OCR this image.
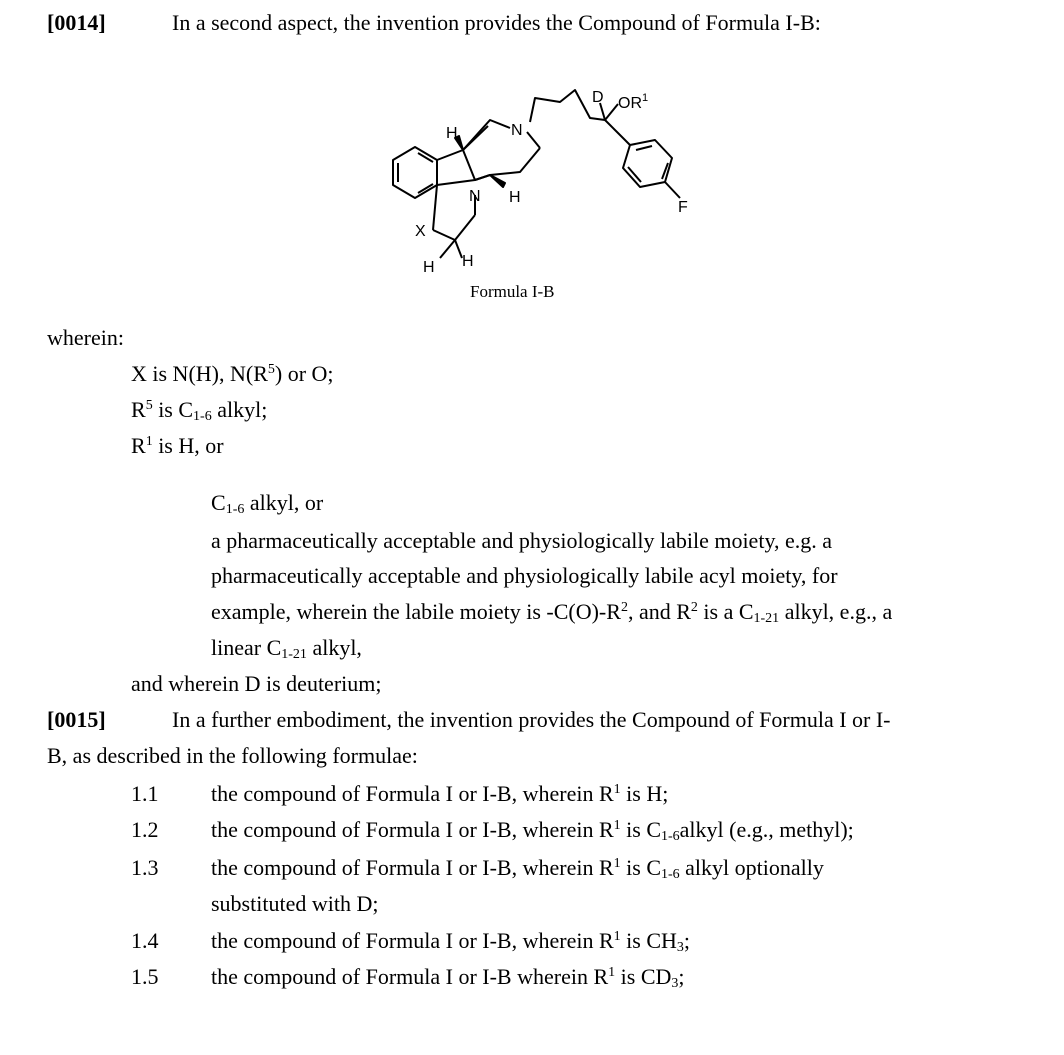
[0014]	In a second aspect, the invention provides the Compound of Formula I-B:
D $OR^1$
N
N
H
H
X
H H
F
Formula I-B
wherein:
X is N(H), $N(R^5)$ or O;
$R^5$ is $C_{1-6}$ alkyl;
$R^1$ is H, or
$C_{1-6}$ alkyl, or
a pharmaceutically acceptable and physiologically labile moiety, e.g. a
pharmaceutically acceptable and physiologically labile acyl moiety, for
example, wherein the labile moiety is $-C(O)-R^2$, and $R^2$ is a $C_{1-21}$ alkyl, e.g., a
linear $C_{1-21}$ alkyl,
and wherein D is deuterium;
[0015]	In a further embodiment, the invention provides the Compound of Formula I or I-
B, as described in the following formulae:
1.1 the compound of Formula I or I-B, wherein $R^1$ is H;
1.2 the compound of Formula I or I-B, wherein $R^1$ is $C_{1-6}alkyl$ (e.g., methyl);
1.3 the compound of Formula I or I-B, wherein $R^1$ is $C_{1-6}$ alkyl optionally
substituted with D;
1.4 the compound of Formula I or I-B, wherein $R^1$ is $CH_3$;
1.5 the compound of Formula I or I-B wherein $R^1$ is $CD_3$;
